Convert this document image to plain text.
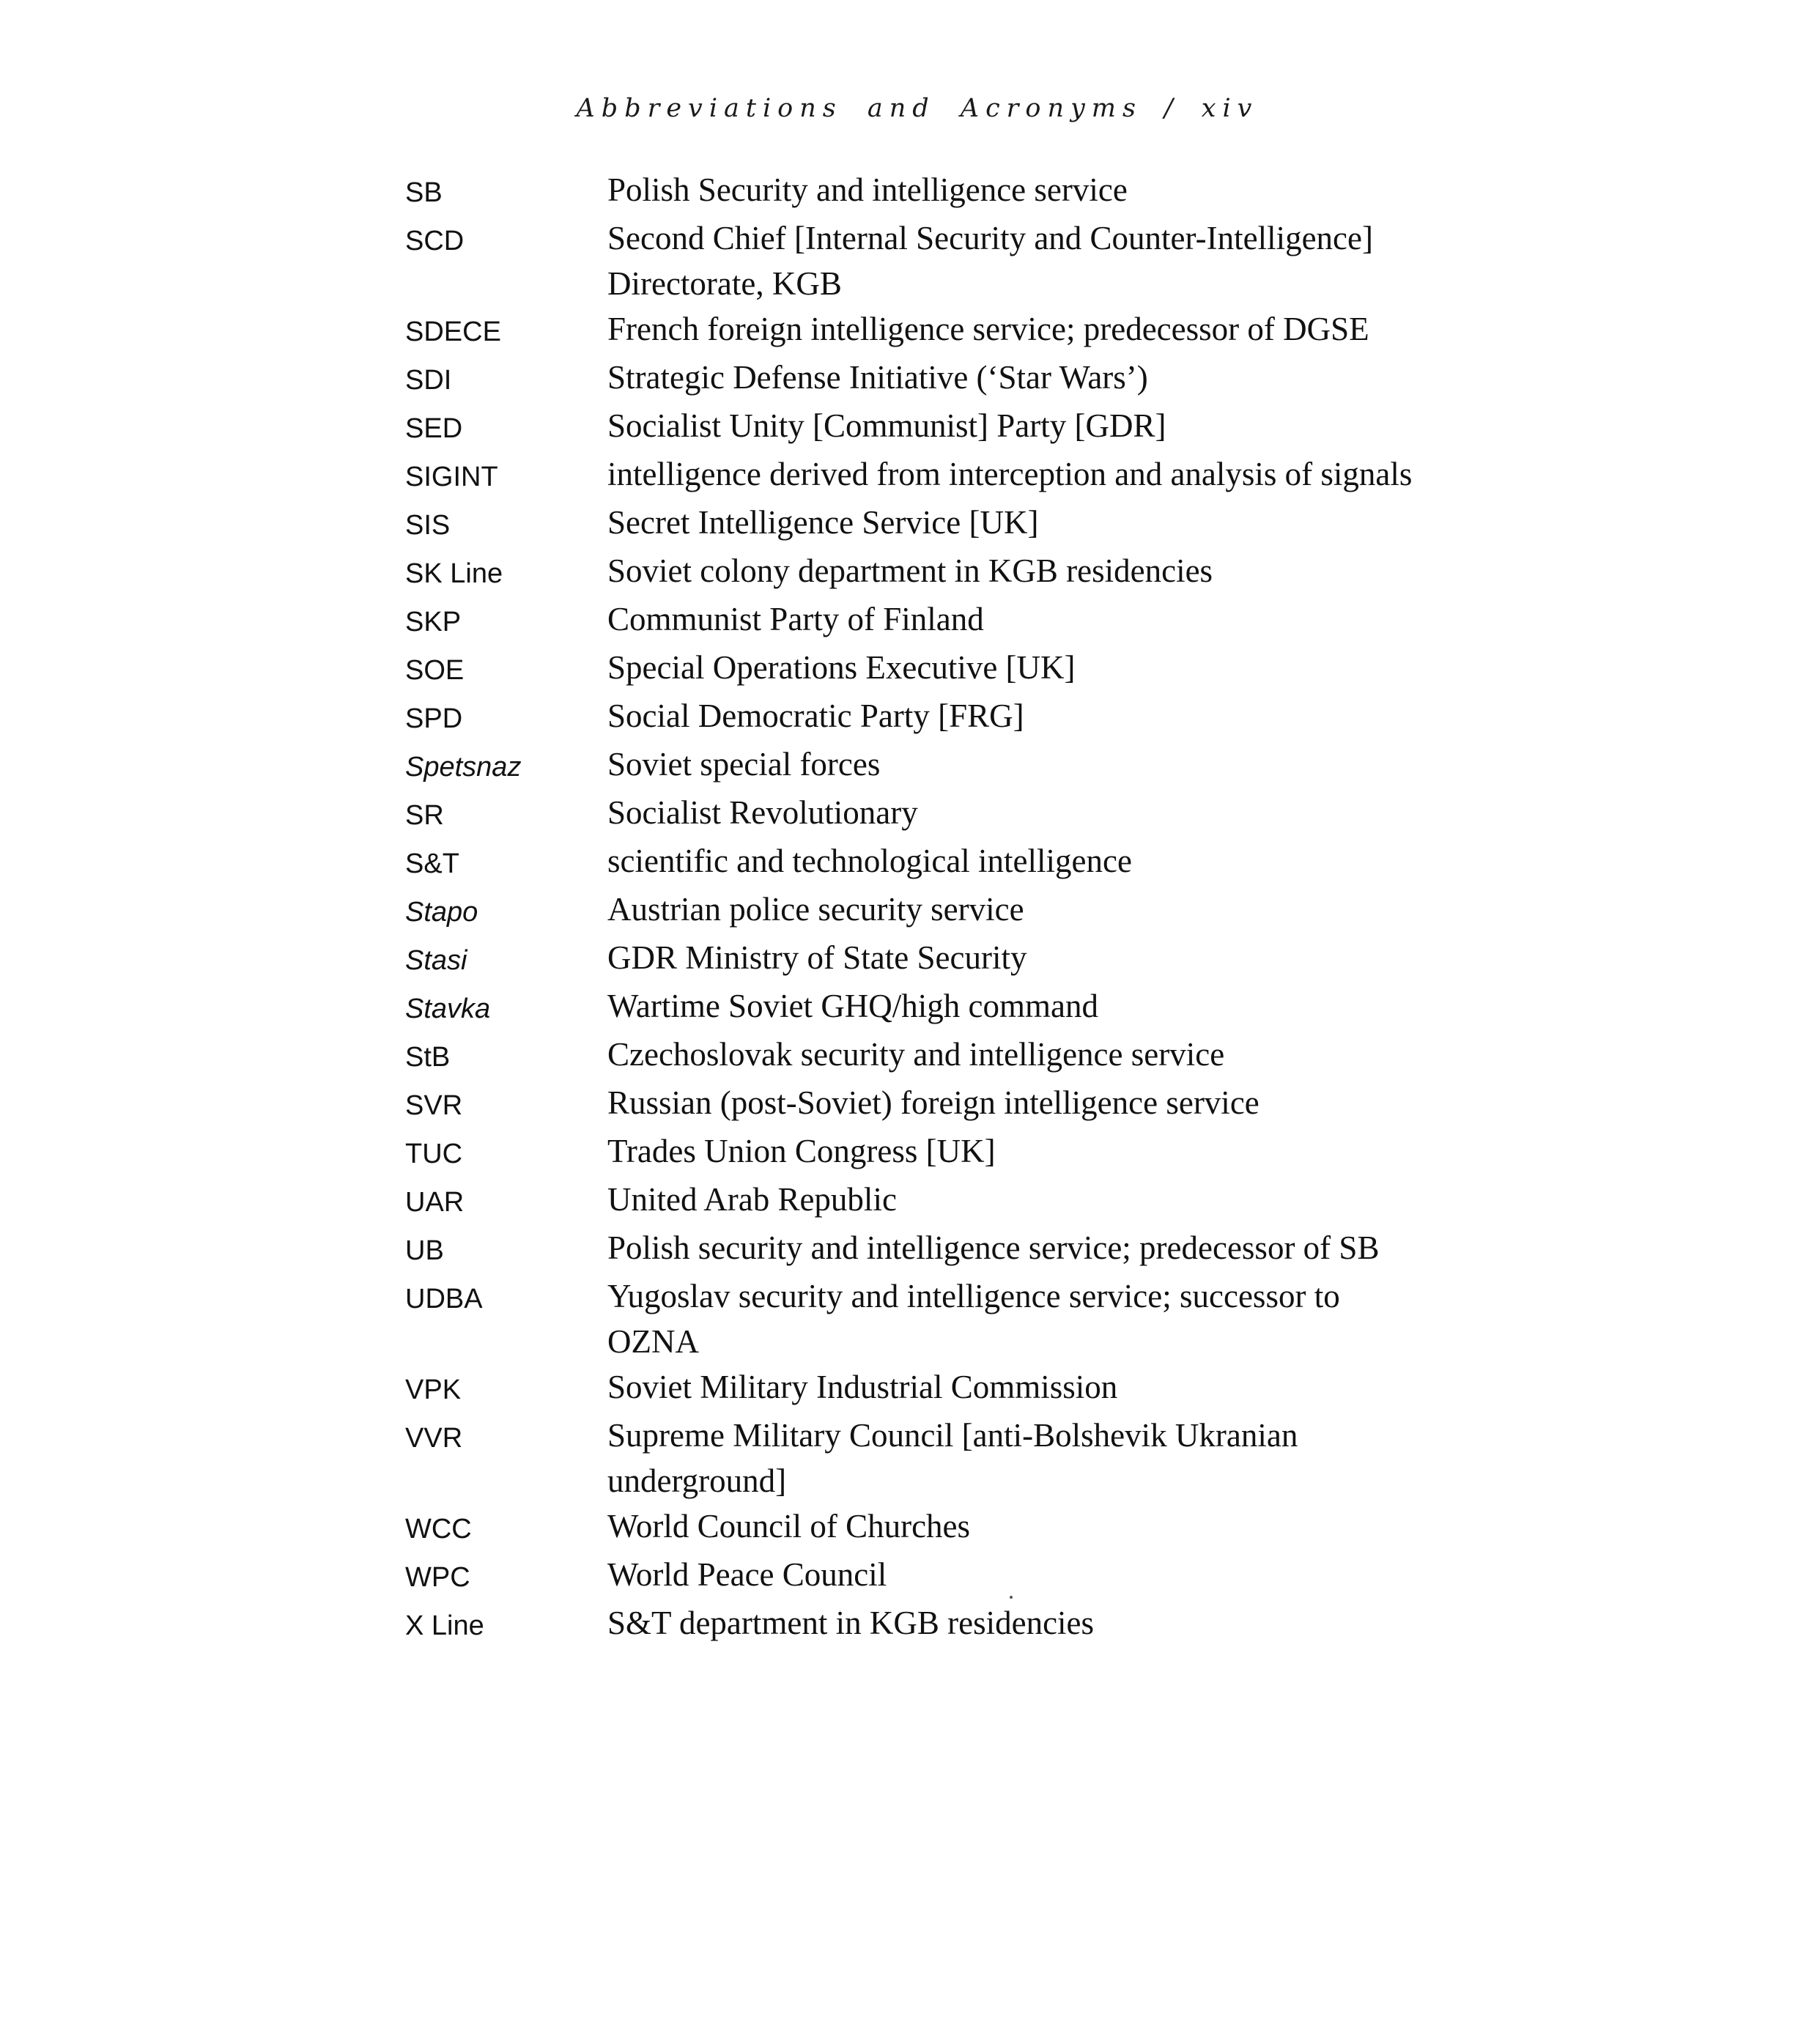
Abbreviations and Acronyms / xiv
SB	Polish Security and intelligence service
SCD	Second Chief [Internal Security and Counter-Intelligence] Directorate, KGB
SDECE	French foreign intelligence service; predecessor of DGSE
SDI	Strategic Defense Initiative (‘Star Wars’)
SED	Socialist Unity [Communist] Party [GDR]
SIGINT	intelligence derived from interception and analysis of signals
SIS	Secret Intelligence Service [UK]
SK Line	Soviet colony department in KGB residencies
SKP	Communist Party of Finland
SOE	Special Operations Executive [UK]
SPD	Social Democratic Party [FRG]
Spetsnaz	Soviet special forces
SR	Socialist Revolutionary
S&T	scientific and technological intelligence
Stapo	Austrian police security service
Stasi	GDR Ministry of State Security
Stavka	Wartime Soviet GHQ/high command
StB	Czechoslovak security and intelligence service
SVR	Russian (post-Soviet) foreign intelligence service
TUC	Trades Union Congress [UK]
UAR	United Arab Republic
UB	Polish security and intelligence service; predecessor of SB
UDBA	Yugoslav security and intelligence service; successor to OZNA
VPK	Soviet Military Industrial Commission
VVR	Supreme Military Council [anti-Bolshevik Ukranian underground]
WCC	World Council of Churches
WPC	World Peace Council
X Line	S&T department in KGB residencies
